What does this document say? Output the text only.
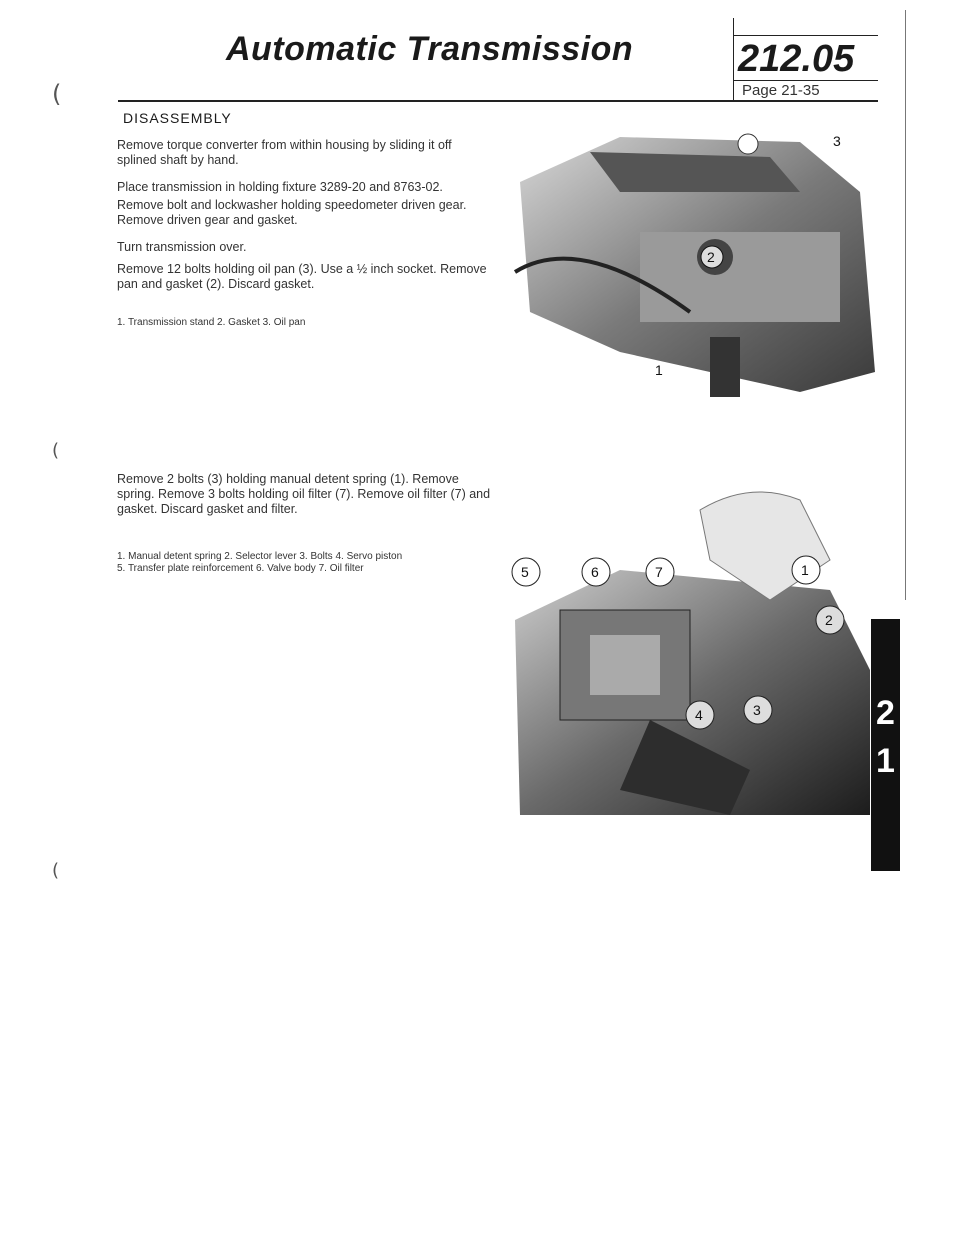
Automatic Transmission	212.05
Page 21-35
(
(
(
DISASSEMBLY
Remove torque converter from within housing by sliding it off splined shaft by hand.
Place transmission in holding fixture 3289-20 and 8763-02.
Remove bolt and lockwasher holding speedometer driven gear. Remove driven gear and gasket.
Turn transmission over.
Remove 12 bolts holding oil pan (3). Use a ½ inch socket. Remove pan and gasket (2). Discard gasket.
1. Transmission stand 2. Gasket 3. Oil pan
3
2
1
Remove 2 bolts (3) holding manual detent spring (1). Remove spring. Remove 3 bolts holding oil filter (7). Remove oil filter (7) and gasket. Discard gasket and filter.
1. Manual detent spring 2. Selector lever 3. Bolts 4. Servo piston
5. Transfer plate reinforcement 6. Valve body 7. Oil filter	5	6	7	1
2
4	3	2
1
